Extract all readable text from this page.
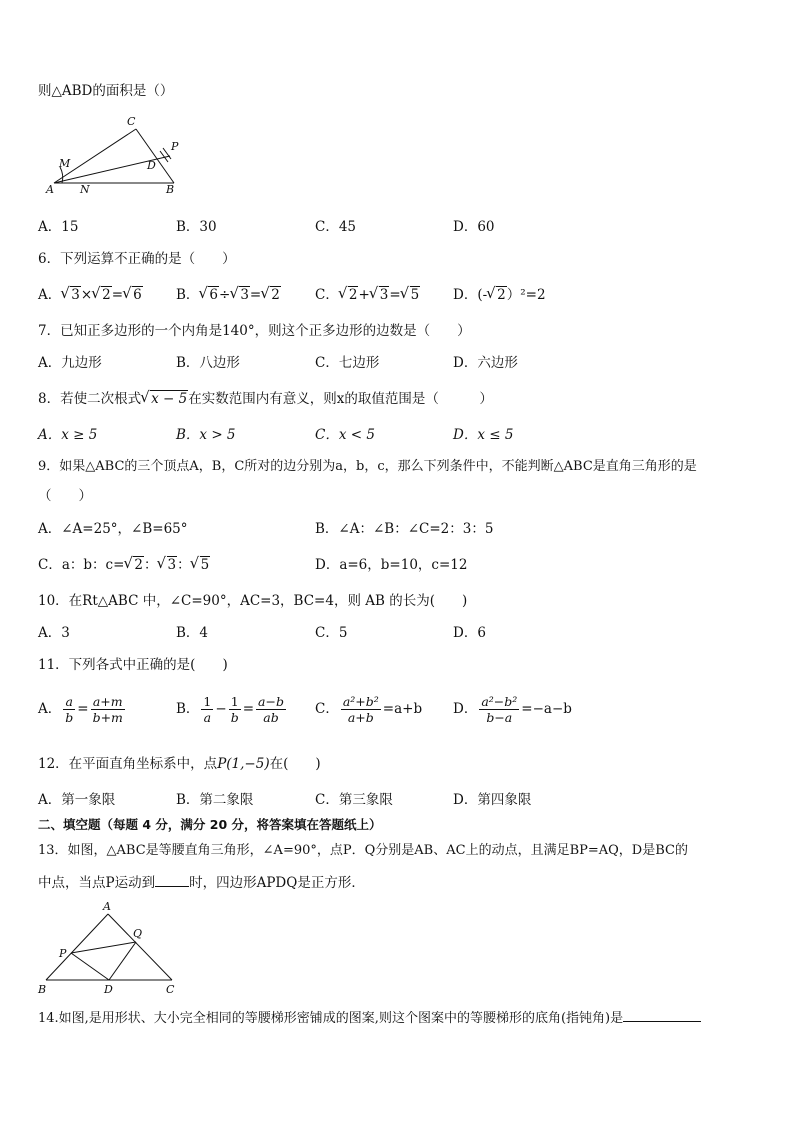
则△ABD的面积是（）
C
M	D
P
A N	B
A．15	B．30	C．45	D．60
6．下列运算不正确的是（　　）
A． √ 3× √ 2= √ 6	B． √ 6÷ √ 3= √ 2	C． √ 2+ √ 3= √ 5	D．(- √ 2）²=2
7．已知正多边形的一个内角是140°，则这个正多边形的边数是（　　）
A．九边形	B．八边形	C．七边形	D．六边形
8．若使二次根式 √ x − 5在实数范围内有意义，则x的取值范围是（　　　）
A．x ≥ 5	B．x > 5	C．x < 5	D．x ≤ 5
9．如果△ABC的三个顶点A，B，C所对的边分别为a，b，c，那么下列条件中，不能判断△ABC是直角三角形的是
（　　）
A．∠A=25°，∠B=65°	B．∠A：∠B：∠C=2：3：5
C．a：b：c= √ 2： √ 3： √ 5	D．a=6，b=10，c=12
10．在Rt△ABC 中，∠C=90°，AC=3，BC=4，则 AB 的长为(　　)
A．3	B．4	C．5	D．6
11．下列各式中正确的是(　　)
A． $\frac{a}{b} = \frac{a+m}{b+m}$	B． $\frac{1}{a} - \frac{1}{b} = \frac{a-b}{ab}$ C． $\frac{\text{a²+b²}}{a+b} =a+b$ D． $\frac{\text{a²−b²}}{b-a} =-a-b$
12．在平面直角坐标系中，点P(1,−5)在(　　)
A．第一象限	B．第二象限	C．第三象限	D．第四象限
二、填空题（每题 4 分，满分 20 分，将答案填在答题纸上）
13．如图，△ABC是等腰直角三角形，∠A=90°，点P．Q分别是AB、AC上的动点，且满足BP=AQ，D是BC的
中点，当点P运动到	时，四边形APDQ是正方形．
A
Q
P
B	D	C
14.如图,是用形状、大小完全相同的等腰梯形密铺成的图案,则这个图案中的等腰梯形的底角(指钝角)是
